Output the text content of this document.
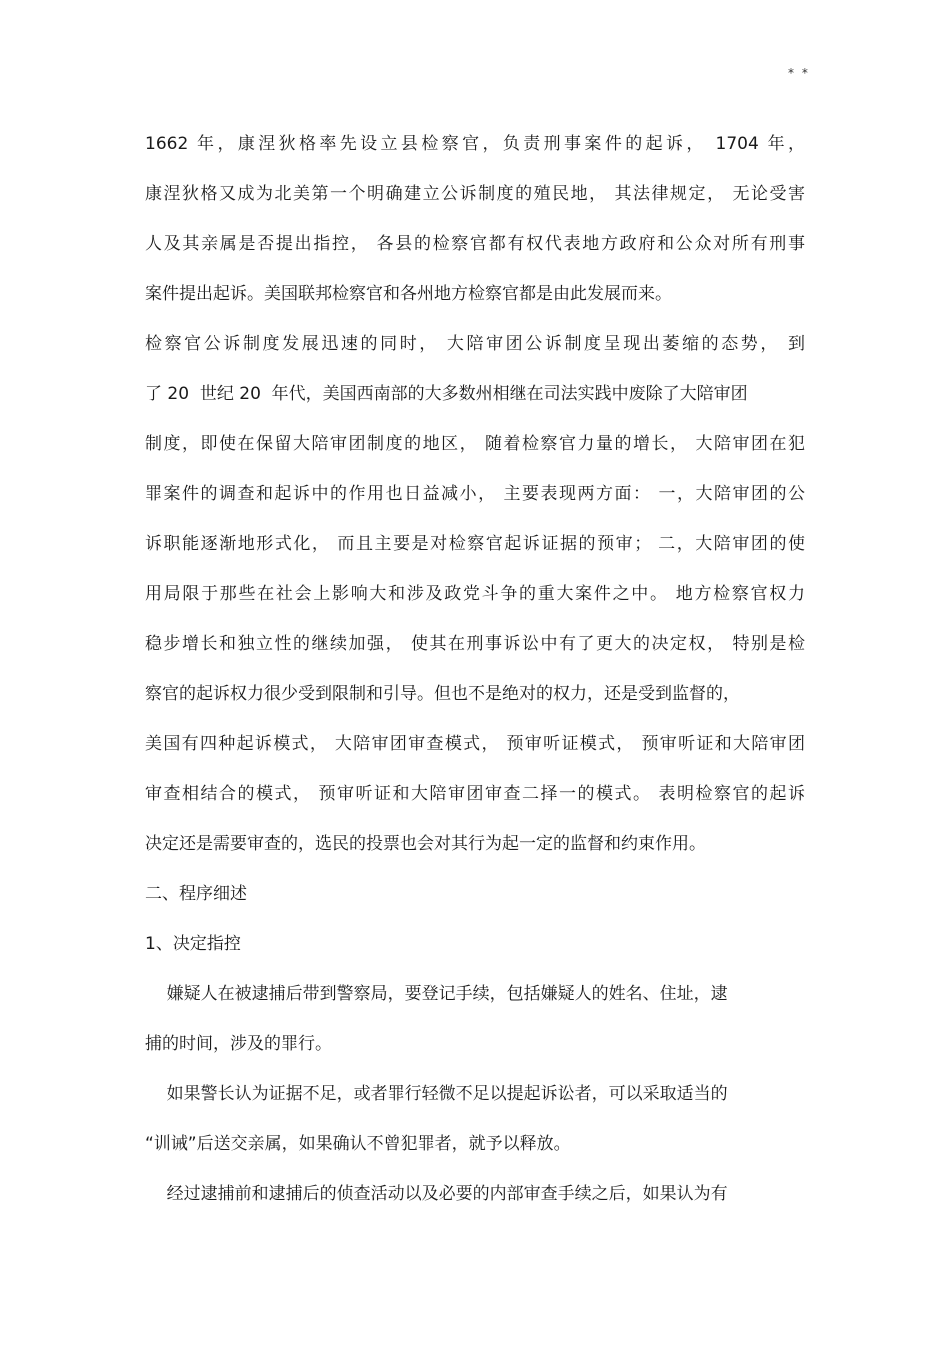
* *
1662 年，康涅狄格率先设立县检察官，负责刑事案件的起诉， 1704 年，
康涅狄格又成为北美第一个明确建立公诉制度的殖民地， 其法律规定， 无论受害
人及其亲属是否提出指控， 各县的检察官都有权代表地方政府和公众对所有刑事
案件提出起诉。美国联邦检察官和各州地方检察官都是由此发展而来。
检察官公诉制度发展迅速的同时， 大陪审团公诉制度呈现出萎缩的态势， 到
了 20  世纪 20  年代，美国西南部的大多数州相继在司法实践中废除了大陪审团
制度，即使在保留大陪审团制度的地区， 随着检察官力量的增长， 大陪审团在犯
罪案件的调查和起诉中的作用也日益减小， 主要表现两方面： 一，大陪审团的公
诉职能逐渐地形式化， 而且主要是对检察官起诉证据的预审； 二，大陪审团的使
用局限于那些在社会上影响大和涉及政党斗争的重大案件之中。 地方检察官权力
稳步增长和独立性的继续加强， 使其在刑事诉讼中有了更大的决定权， 特别是检
察官的起诉权力很少受到限制和引导。但也不是绝对的权力，还是受到监督的，
美国有四种起诉模式， 大陪审团审查模式， 预审听证模式， 预审听证和大陪审团
审查相结合的模式， 预审听证和大陪审团审查二择一的模式。 表明检察官的起诉
决定还是需要审查的，选民的投票也会对其行为起一定的监督和约束作用。
二、程序细述
1、决定指控
嫌疑人在被逮捕后带到警察局，要登记手续，包括嫌疑人的姓名、住址，逮
捕的时间，涉及的罪行。
如果警长认为证据不足，或者罪行轻微不足以提起诉讼者，可以采取适当的
“训诫”后送交亲属，如果确认不曾犯罪者，就予以释放。
经过逮捕前和逮捕后的侦查活动以及必要的内部审查手续之后，如果认为有
